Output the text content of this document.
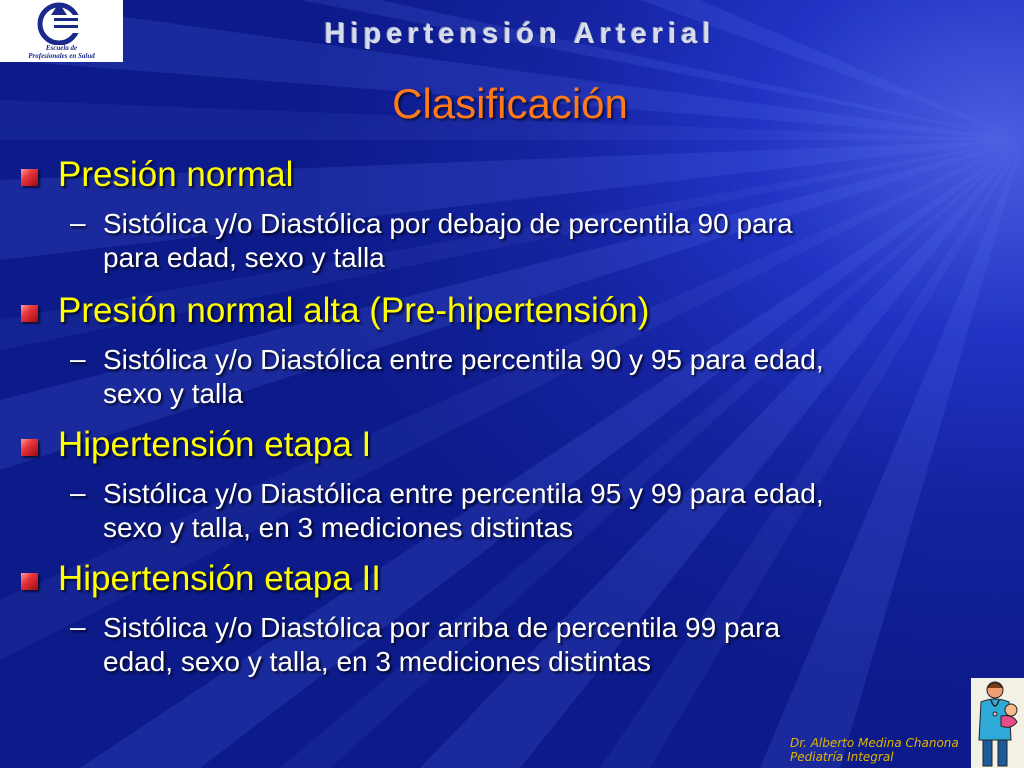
Escuela de
Profesionales en Salud
Hipertensión Arterial
Clasificación
Presión normal
– Sistólica y/o Diastólica por debajo de percentila 90 para
para edad, sexo y talla
Presión normal alta (Pre-hipertensión)
– Sistólica y/o Diastólica entre percentila 90 y 95 para edad,
sexo y talla
Hipertensión etapa I
– Sistólica y/o Diastólica entre percentila 95 y 99 para edad,
sexo y talla, en 3 mediciones distintas
Hipertensión etapa II
– Sistólica y/o Diastólica por arriba de percentila 99 para
edad, sexo y talla, en 3 mediciones distintas
Dr. Alberto Medina Chanona
Pediatría Integral
